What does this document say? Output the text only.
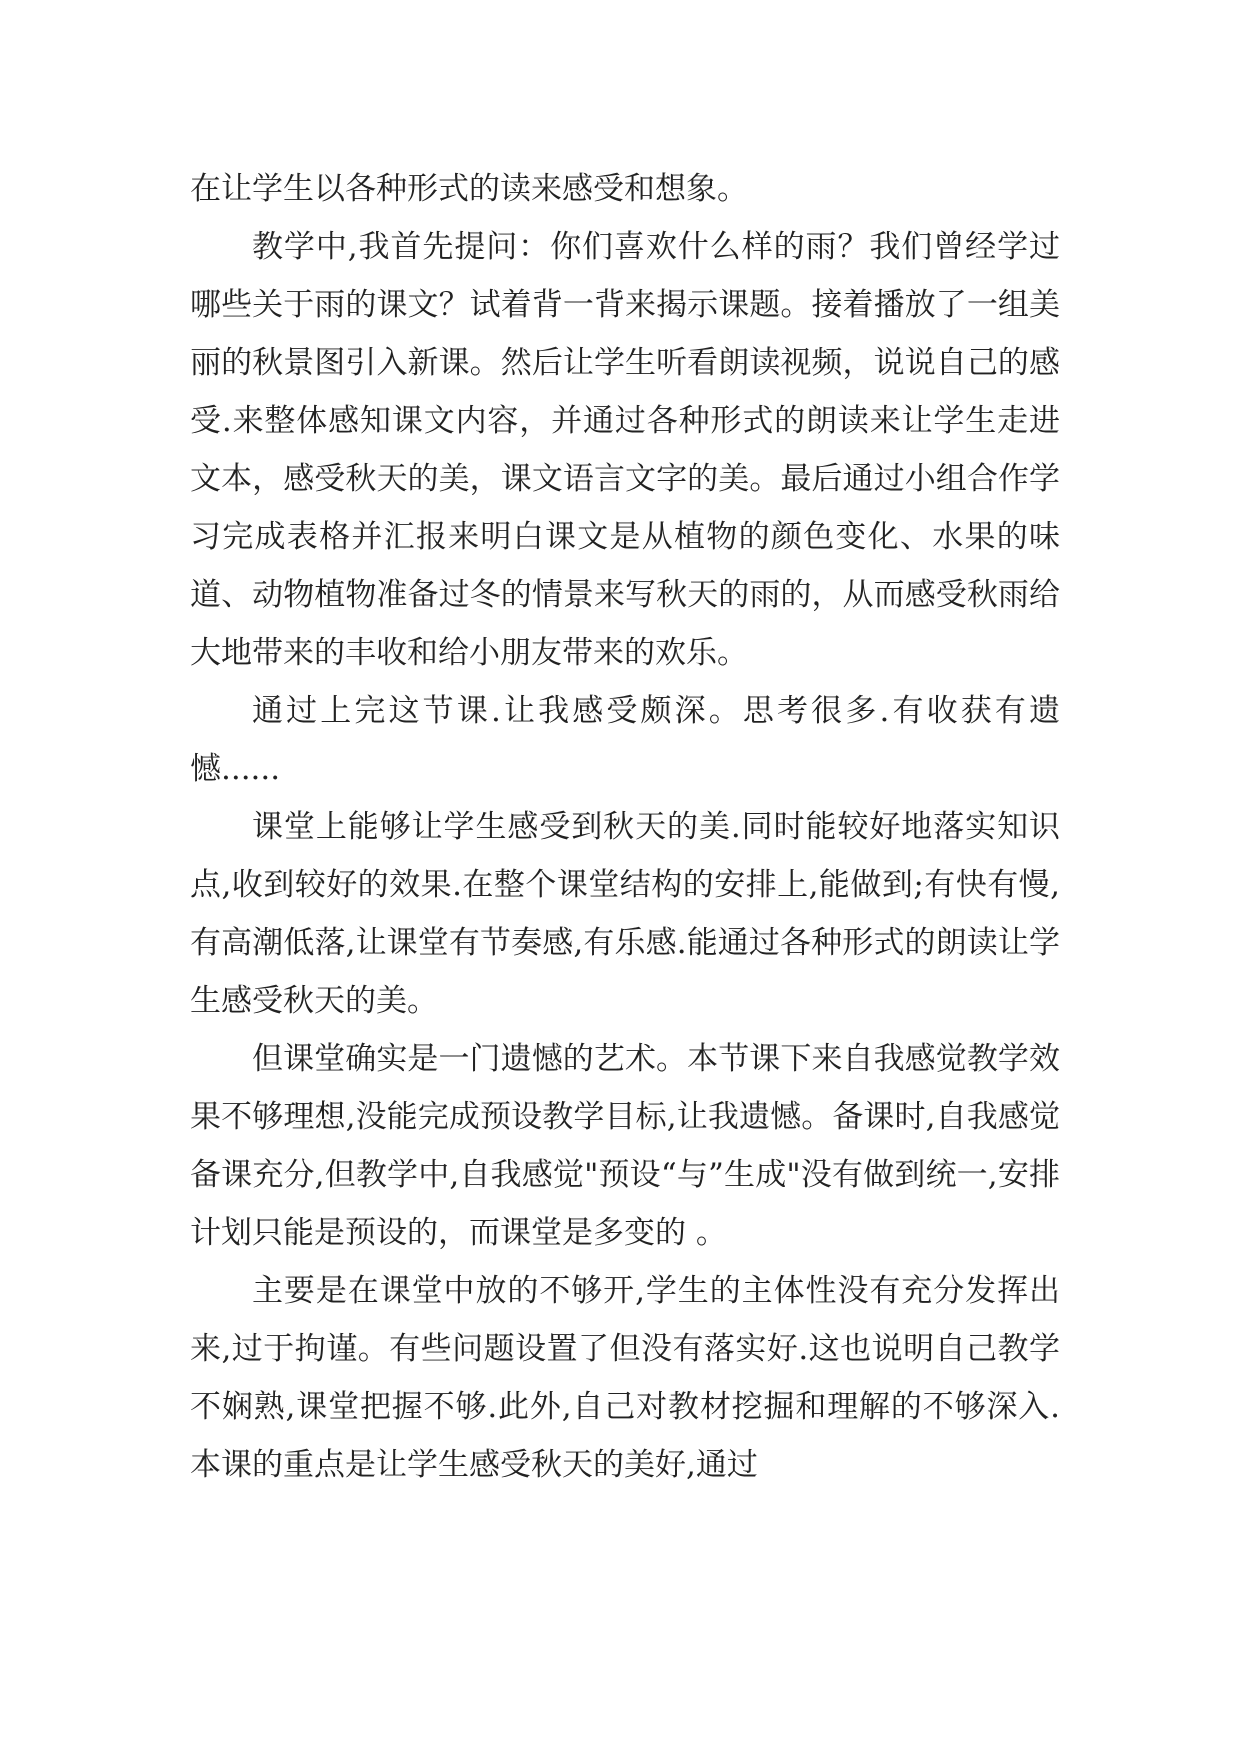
在让学生以各种形式的读来感受和想象。

教学中,我首先提问：你们喜欢什么样的雨？我们曾经学过哪些关于雨的课文？试着背一背来揭示课题。接着播放了一组美丽的秋景图引入新课。然后让学生听看朗读视频，说说自己的感受.来整体感知课文内容，并通过各种形式的朗读来让学生走进文本，感受秋天的美，课文语言文字的美。最后通过小组合作学习完成表格并汇报来明白课文是从植物的颜色变化、水果的味道、动物植物准备过冬的情景来写秋天的雨的，从而感受秋雨给大地带来的丰收和给小朋友带来的欢乐。

通过上完这节课.让我感受颇深。思考很多.有收获有遗憾......

课堂上能够让学生感受到秋天的美.同时能较好地落实知识点,收到较好的效果.在整个课堂结构的安排上,能做到;有快有慢,有高潮低落,让课堂有节奏感,有乐感.能通过各种形式的朗读让学生感受秋天的美。

但课堂确实是一门遗憾的艺术。本节课下来自我感觉教学效果不够理想,没能完成预设教学目标,让我遗憾。备课时,自我感觉备课充分,但教学中,自我感觉"预设“与”生成"没有做到统一,安排计划只能是预设的，而课堂是多变的 。

主要是在课堂中放的不够开,学生的主体性没有充分发挥出来,过于拘谨。有些问题设置了但没有落实好.这也说明自己教学不娴熟,课堂把握不够.此外,自己对教材挖掘和理解的不够深入.本课的重点是让学生感受秋天的美好,通过
